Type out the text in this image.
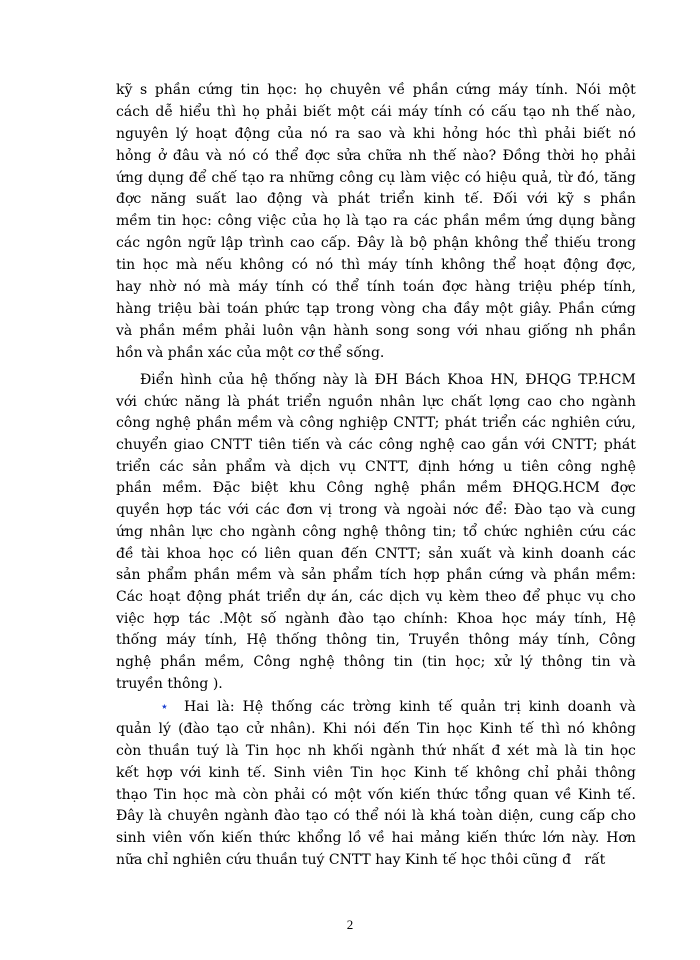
kỹ s phần cứng tin học: họ chuyên về phần cứng máy tính. Nói một
cách dễ hiểu thì họ phải biết một cái máy tính có cấu tạo nh thế nào,
nguyên lý hoạt động của nó ra sao và khi hỏng hóc thì phải biết nó
hỏng ở đâu và nó có thể đợc sửa chữa nh thế nào? Đồng thời họ phải
ứng dụng để chế tạo ra những công cụ làm việc có hiệu quả, từ đó, tăng
đợc năng suất lao động và phát triển kinh tế. Đối với kỹ s phần
mềm tin học: công việc của họ là tạo ra các phần mềm ứng dụng bằng
các ngôn ngữ lập trình cao cấp. Đây là bộ phận không thể thiếu trong
tin học mà nếu không có nó thì máy tính không thể hoạt động đợc,
hay nhờ nó mà máy tính có thể tính toán đợc hàng triệu phép tính,
hàng triệu bài toán phức tạp trong vòng cha đầy một giây. Phần cứng
và phần mềm phải luôn vận hành song song với nhau giống nh phần
hồn và phần xác của một cơ thể sống.
Điển hình của hệ thống này là ĐH Bách Khoa HN, ĐHQG TP.HCM
với chức năng là phát triển nguồn nhân lực chất lợng cao cho ngành
công nghệ phần mềm và công nghiệp CNTT; phát triển các nghiên cứu,
chuyển giao CNTT tiên tiến và các công nghệ cao gắn với CNTT; phát
triển các sản phẩm và dịch vụ CNTT, định hớng u tiên công nghệ
phần mềm. Đặc biệt khu Công nghệ phần mềm ĐHQG.HCM đợc
quyền hợp tác với các đơn vị trong và ngoài nớc để: Đào tạo và cung
ứng nhân lực cho ngành công nghệ thông tin; tổ chức nghiên cứu các
đề tài khoa học có liên quan đến CNTT; sản xuất và kinh doanh các
sản phẩm phần mềm và sản phẩm tích hợp phần cứng và phần mềm:
Các hoạt động phát triển dự án, các dịch vụ kèm theo để phục vụ cho
việc hợp tác .Một số ngành đào tạo chính: Khoa học máy tính, Hệ
thống máy tính, Hệ thống thông tin, Truyền thông máy tính, Công
nghệ phần mềm, Công nghệ thông tin (tin học; xử lý thông tin và
truyền thông ).
⋆ Hai là: Hệ thống các trờng kinh tế quản trị kinh doanh và
quản lý (đào tạo cử nhân). Khi nói đến Tin học Kinh tế thì nó không
còn thuần tuý là Tin học nh khối ngành thứ nhất đ xét mà là tin học
kết hợp với kinh tế. Sinh viên Tin học Kinh tế không chỉ phải thông
thạo Tin học mà còn phải có một vốn kiến thức tổng quan về Kinh tế.
Đây là chuyên ngành đào tạo có thể nói là khá toàn diện, cung cấp cho
sinh viên vốn kiến thức khổng lồ về hai mảng kiến thức lớn này. Hơn
nữa chỉ nghiên cứu thuần tuý CNTT hay Kinh tế học thôi cũng đ   rất
2
